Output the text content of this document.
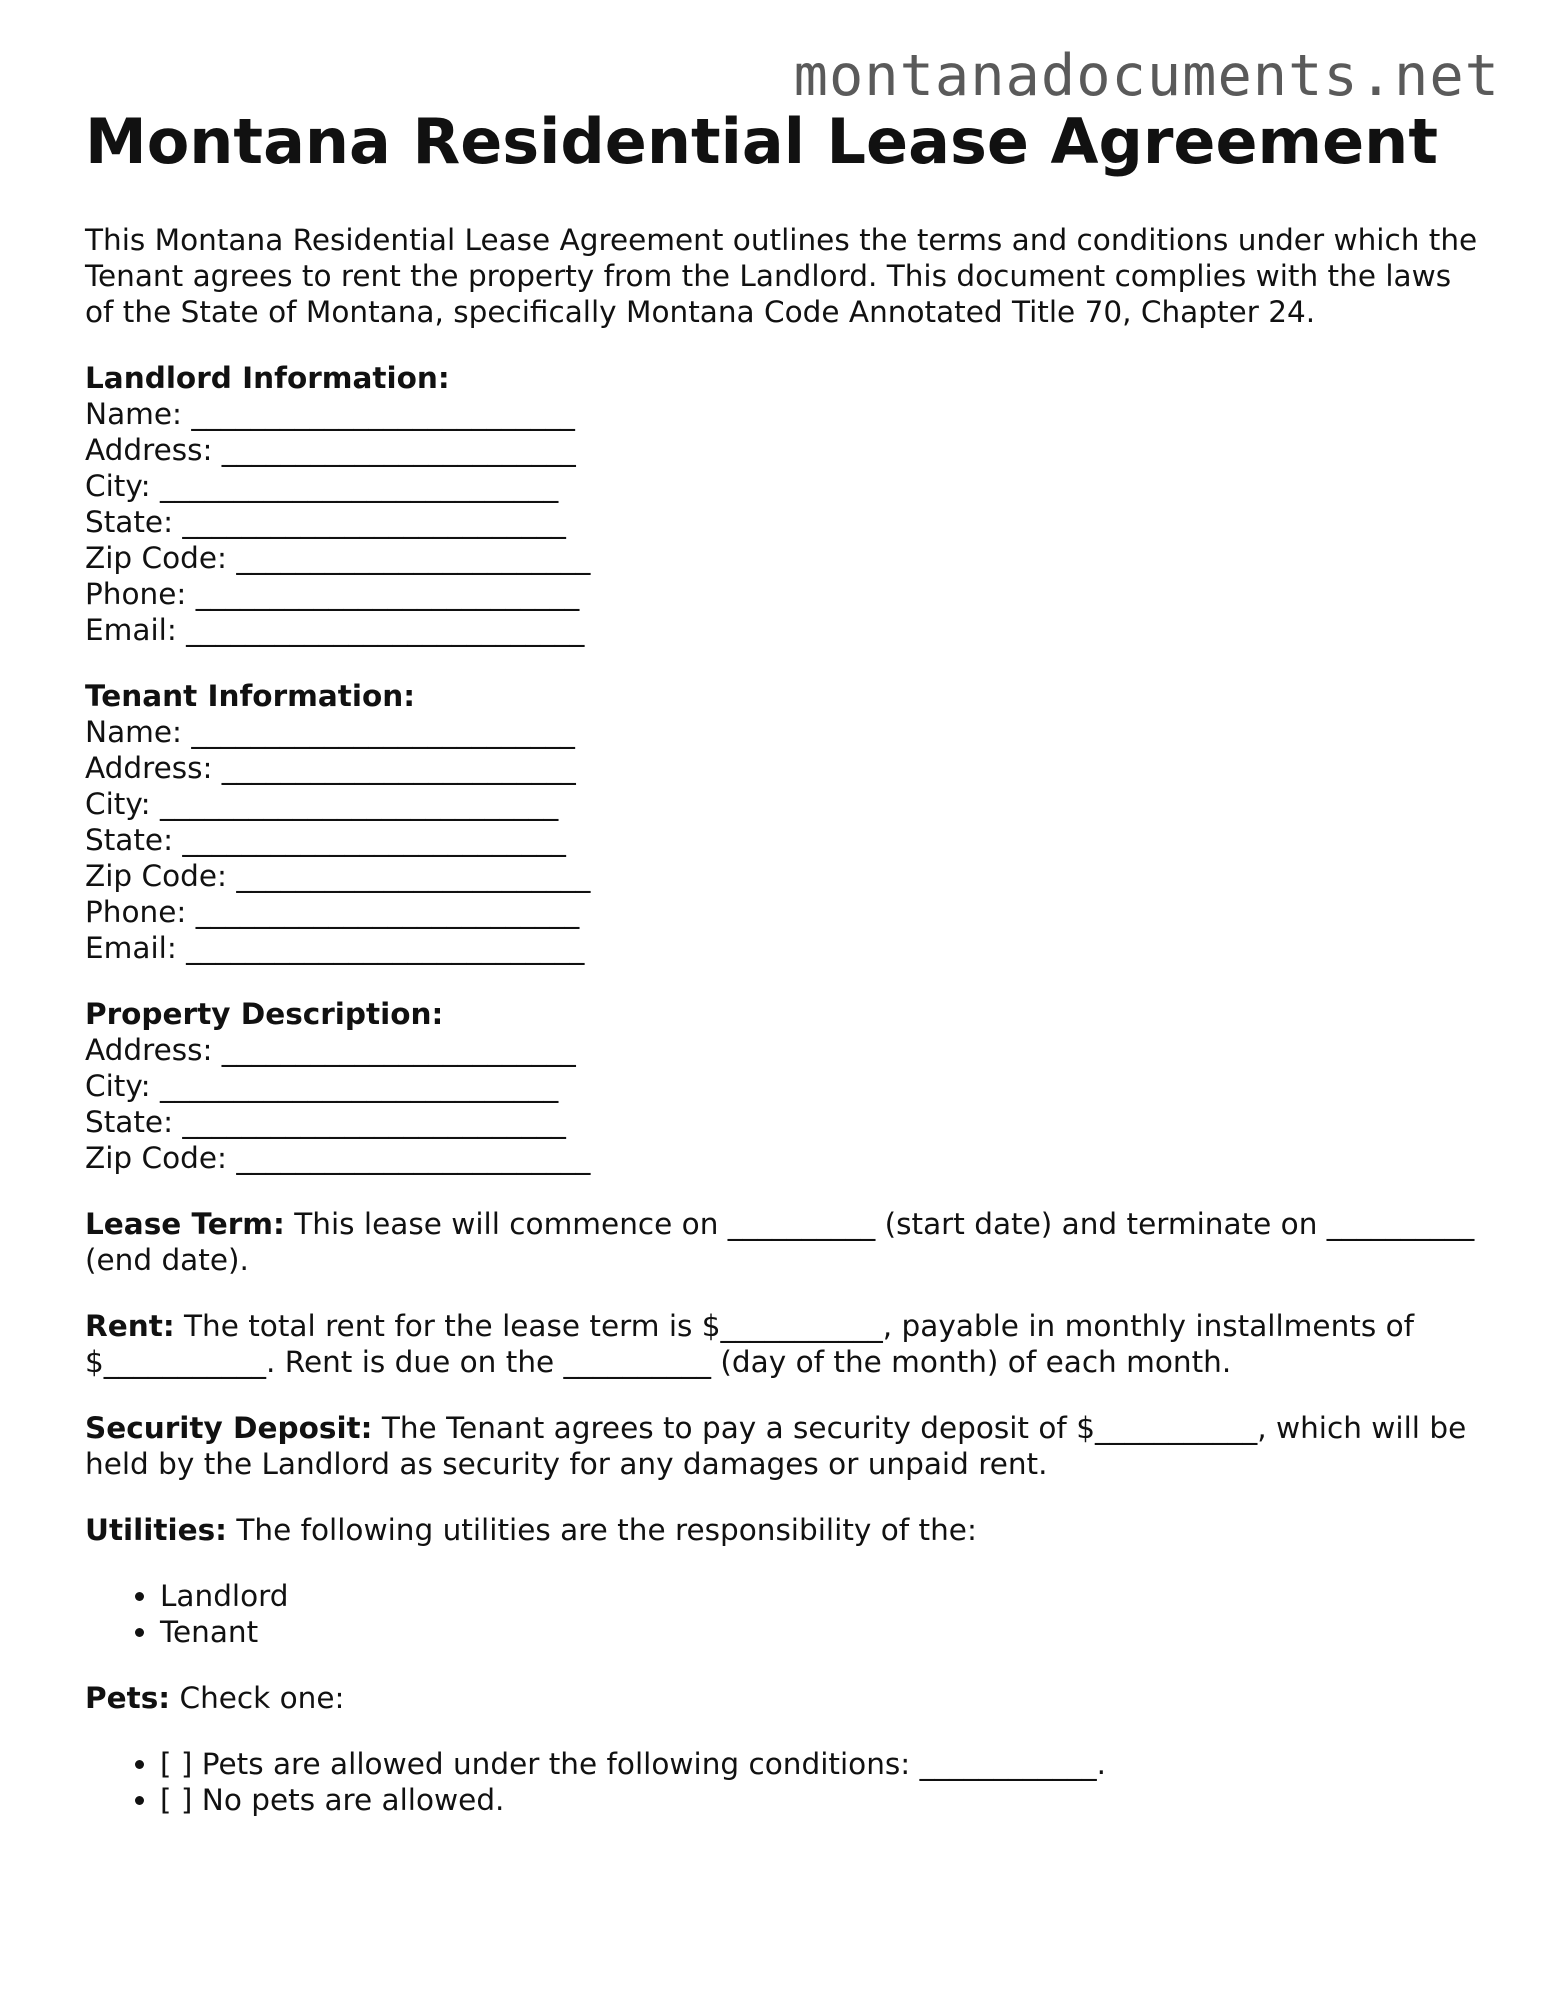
montanadocuments.net
Montana Residential Lease Agreement

This Montana Residential Lease Agreement outlines the terms and conditions under which the Tenant agrees to rent the property from the Landlord. This document complies with the laws of the State of Montana, specifically Montana Code Annotated Title 70, Chapter 24.

Landlord Information:
Name: __________________________
Address: ________________________
City: ___________________________
State: __________________________
Zip Code: ________________________
Phone: __________________________
Email: ___________________________
Tenant Information:
Name: __________________________
Address: ________________________
City: ___________________________
State: __________________________
Zip Code: ________________________
Phone: __________________________
Email: ___________________________
Property Description:
Address: ________________________
City: ___________________________
State: __________________________
Zip Code: ________________________

Lease Term: This lease will commence on __________ (start date) and terminate on __________ (end date).

Rent: The total rent for the lease term is $___________, payable in monthly installments of $___________. Rent is due on the __________ (day of the month) of each month.

Security Deposit: The Tenant agrees to pay a security deposit of $___________, which will be held by the Landlord as security for any damages or unpaid rent.

Utilities: The following utilities are the responsibility of the:

• Landlord
• Tenant

Pets: Check one:

• [ ] Pets are allowed under the following conditions: ____________.
• [ ] No pets are allowed.
